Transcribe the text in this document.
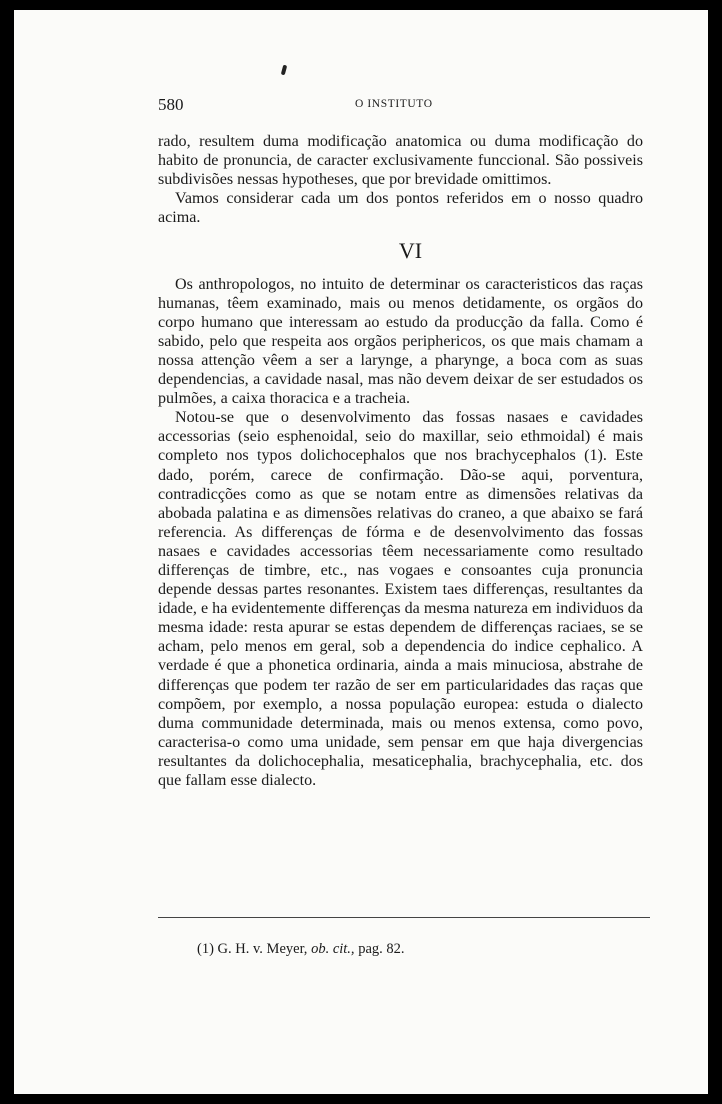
580	O INSTITUTO

rado, resultem duma modificação anatomica ou duma modificação do habito de pronuncia, de caracter exclusivamente funccional. São possiveis subdivisões nessas hypotheses, que por brevidade omittimos.

Vamos considerar cada um dos pontos referidos em o nosso quadro acima.

VI

Os anthropologos, no intuito de determinar os caracteristicos das raças humanas, têem examinado, mais ou menos detidamente, os orgãos do corpo humano que interessam ao estudo da producção da falla. Como é sabido, pelo que respeita aos orgãos periphericos, os que mais chamam a nossa attenção vêem a ser a larynge, a pharynge, a boca com as suas dependencias, a cavidade nasal, mas não devem deixar de ser estudados os pulmões, a caixa thoracica e a tracheia.

Notou-se que o desenvolvimento das fossas nasaes e cavidades accessorias (seio esphenoidal, seio do maxillar, seio ethmoidal) é mais completo nos typos dolichocephalos que nos brachycephalos (1). Este dado, porém, carece de confirmação. Dão-se aqui, porventura, contradicções como as que se notam entre as dimensões relativas da abobada palatina e as dimensões relativas do craneo, a que abaixo se fará referencia. As differenças de fórma e de desenvolvimento das fossas nasaes e cavidades accessorias têem necessariamente como resultado differenças de timbre, etc., nas vogaes e consoantes cuja pronuncia depende dessas partes resonantes. Existem taes differenças, resultantes da idade, e ha evidentemente differenças da mesma natureza em individuos da mesma idade: resta apurar se estas dependem de differenças raciaes, se se acham, pelo menos em geral, sob a dependencia do indice cephalico. A verdade é que a phonetica ordinaria, ainda a mais minuciosa, abstrahe de differenças que podem ter razão de ser em particularidades das raças que compõem, por exemplo, a nossa população europea: estuda o dialecto duma communidade determinada, mais ou menos extensa, como povo, caracterisa-o como uma unidade, sem pensar em que haja divergencias resultantes da dolichocephalia, mesaticephalia, brachycephalia, etc. dos que fallam esse dialecto.

(1) G. H. v. Meyer, ob. cit., pag. 82.
